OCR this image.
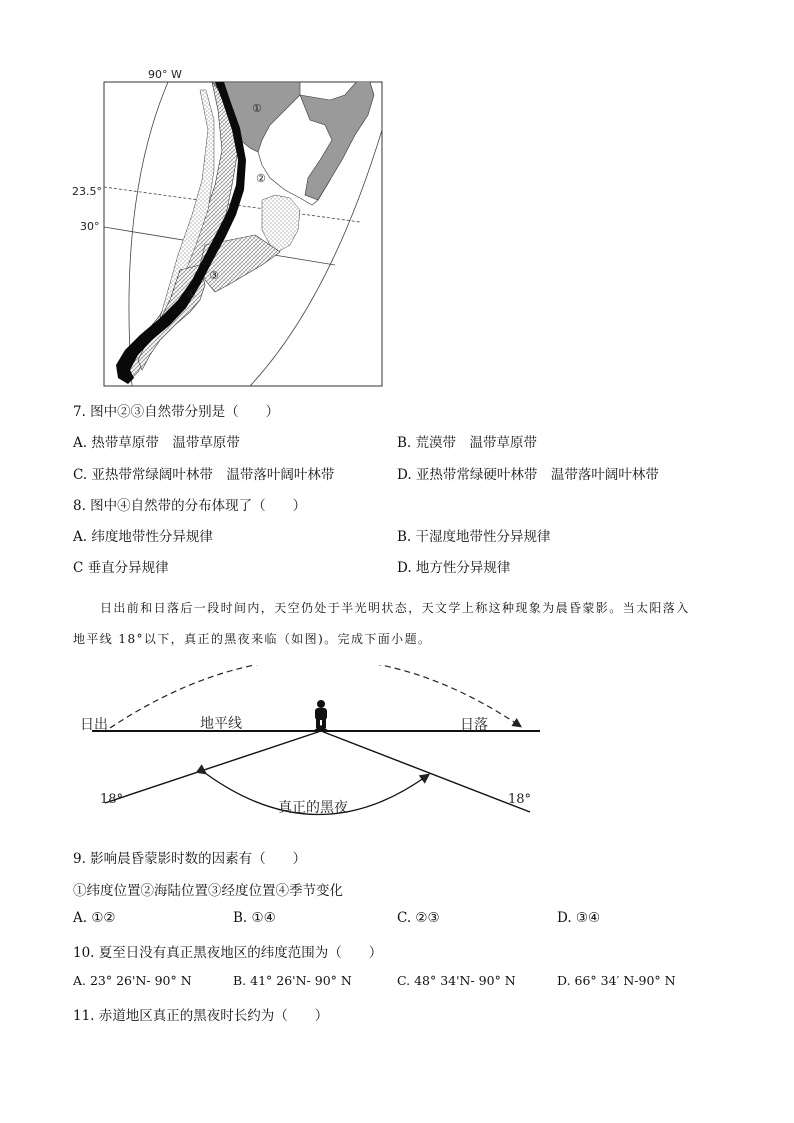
90° W
23.5°
30°
①
②
③
④
7. 图中②③自然带分别是（　　）
A. 热带草原带　温带草原带	B. 荒漠带　温带草原带
C. 亚热带常绿阔叶林带　温带落叶阔叶林带	D. 亚热带常绿硬叶林带　温带落叶阔叶林带
8. 图中④自然带的分布体现了（　　）
A. 纬度地带性分异规律	B. 干湿度地带性分异规律
C 垂直分异规律	D. 地方性分异规律
日出前和日落后一段时间内，天空仍处于半光明状态，天文学上称这种现象为晨昏蒙影。当太阳落入
地平线 18°以下，真正的黑夜来临（如图)。完成下面小题。
日出	地平线	日落
真正的黑夜
18°	18°
9. 影响晨昏蒙影时数的因素有（　　）
①纬度位置②海陆位置③经度位置④季节变化
A. ①②	B. ①④	C. ②③	D. ③④
10. 夏至日没有真正黑夜地区的纬度范围为（　　）
A. 23° 26'N- 90° N	B. 41° 26'N- 90° N	C. 48° 34'N- 90° N	D. 66° 34′ N-90° N
11. 赤道地区真正的黑夜时长约为（　　）
